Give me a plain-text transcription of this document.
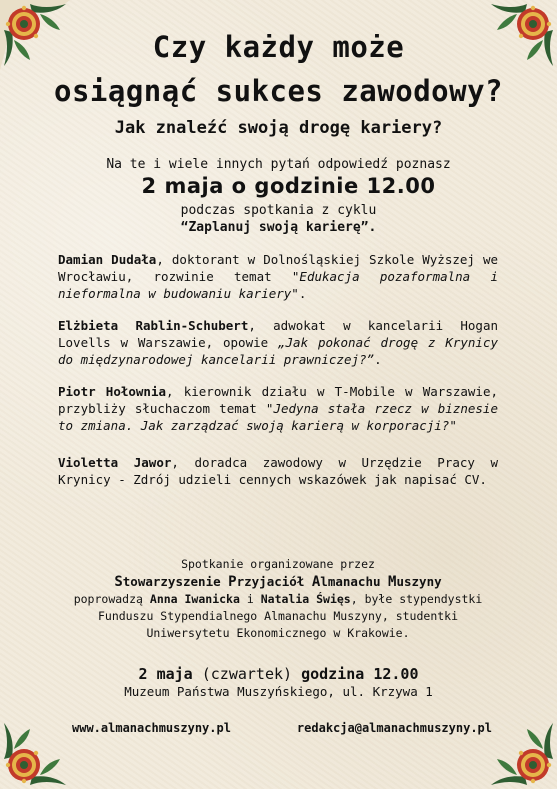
Czy każdy może
osiągnąć sukces zawodowy?
Jak znaleźć swoją drogę kariery?

Na te i wiele innych pytań odpowiedź poznasz

2 maja o godzinie 12.00

podczas spotkania z cyklu

“Zaplanuj swoją karierę”.

Damian Dudała, doktorant w Dolnośląskiej Szkole Wyższej we Wrocławiu, rozwinie temat "Edukacja pozaformalna i nieformalna w budowaniu kariery".

Elżbieta Rablin-Schubert, adwokat w kancelarii Hogan Lovells w Warszawie, opowie „Jak pokonać drogę z Krynicy do międzynarodowej kancelarii prawniczej?”.

Piotr Hołownia, kierownik działu w T-Mobile w Warszawie, przybliży słuchaczom temat "Jedyna stała rzecz w biznesie to zmiana. Jak zarządzać swoją karierą w korporacji?"

Violetta Jawor, doradca zawodowy w Urzędzie Pracy w Krynicy - Zdrój udzieli cennych wskazówek jak napisać CV.

Spotkanie organizowane przez

Stowarzyszenie Przyjaciół Almanachu Muszyny

poprowadzą Anna Iwanicka i Natalia Święs, byłe stypendystki Funduszu Stypendialnego Almanachu Muszyny, studentki Uniwersytetu Ekonomicznego w Krakowie.

2 maja (czwartek) godzina 12.00

Muzeum Państwa Muszyńskiego, ul. Krzywa 1

www.almanachmuszyny.pl	redakcja@almanachmuszyny.pl
